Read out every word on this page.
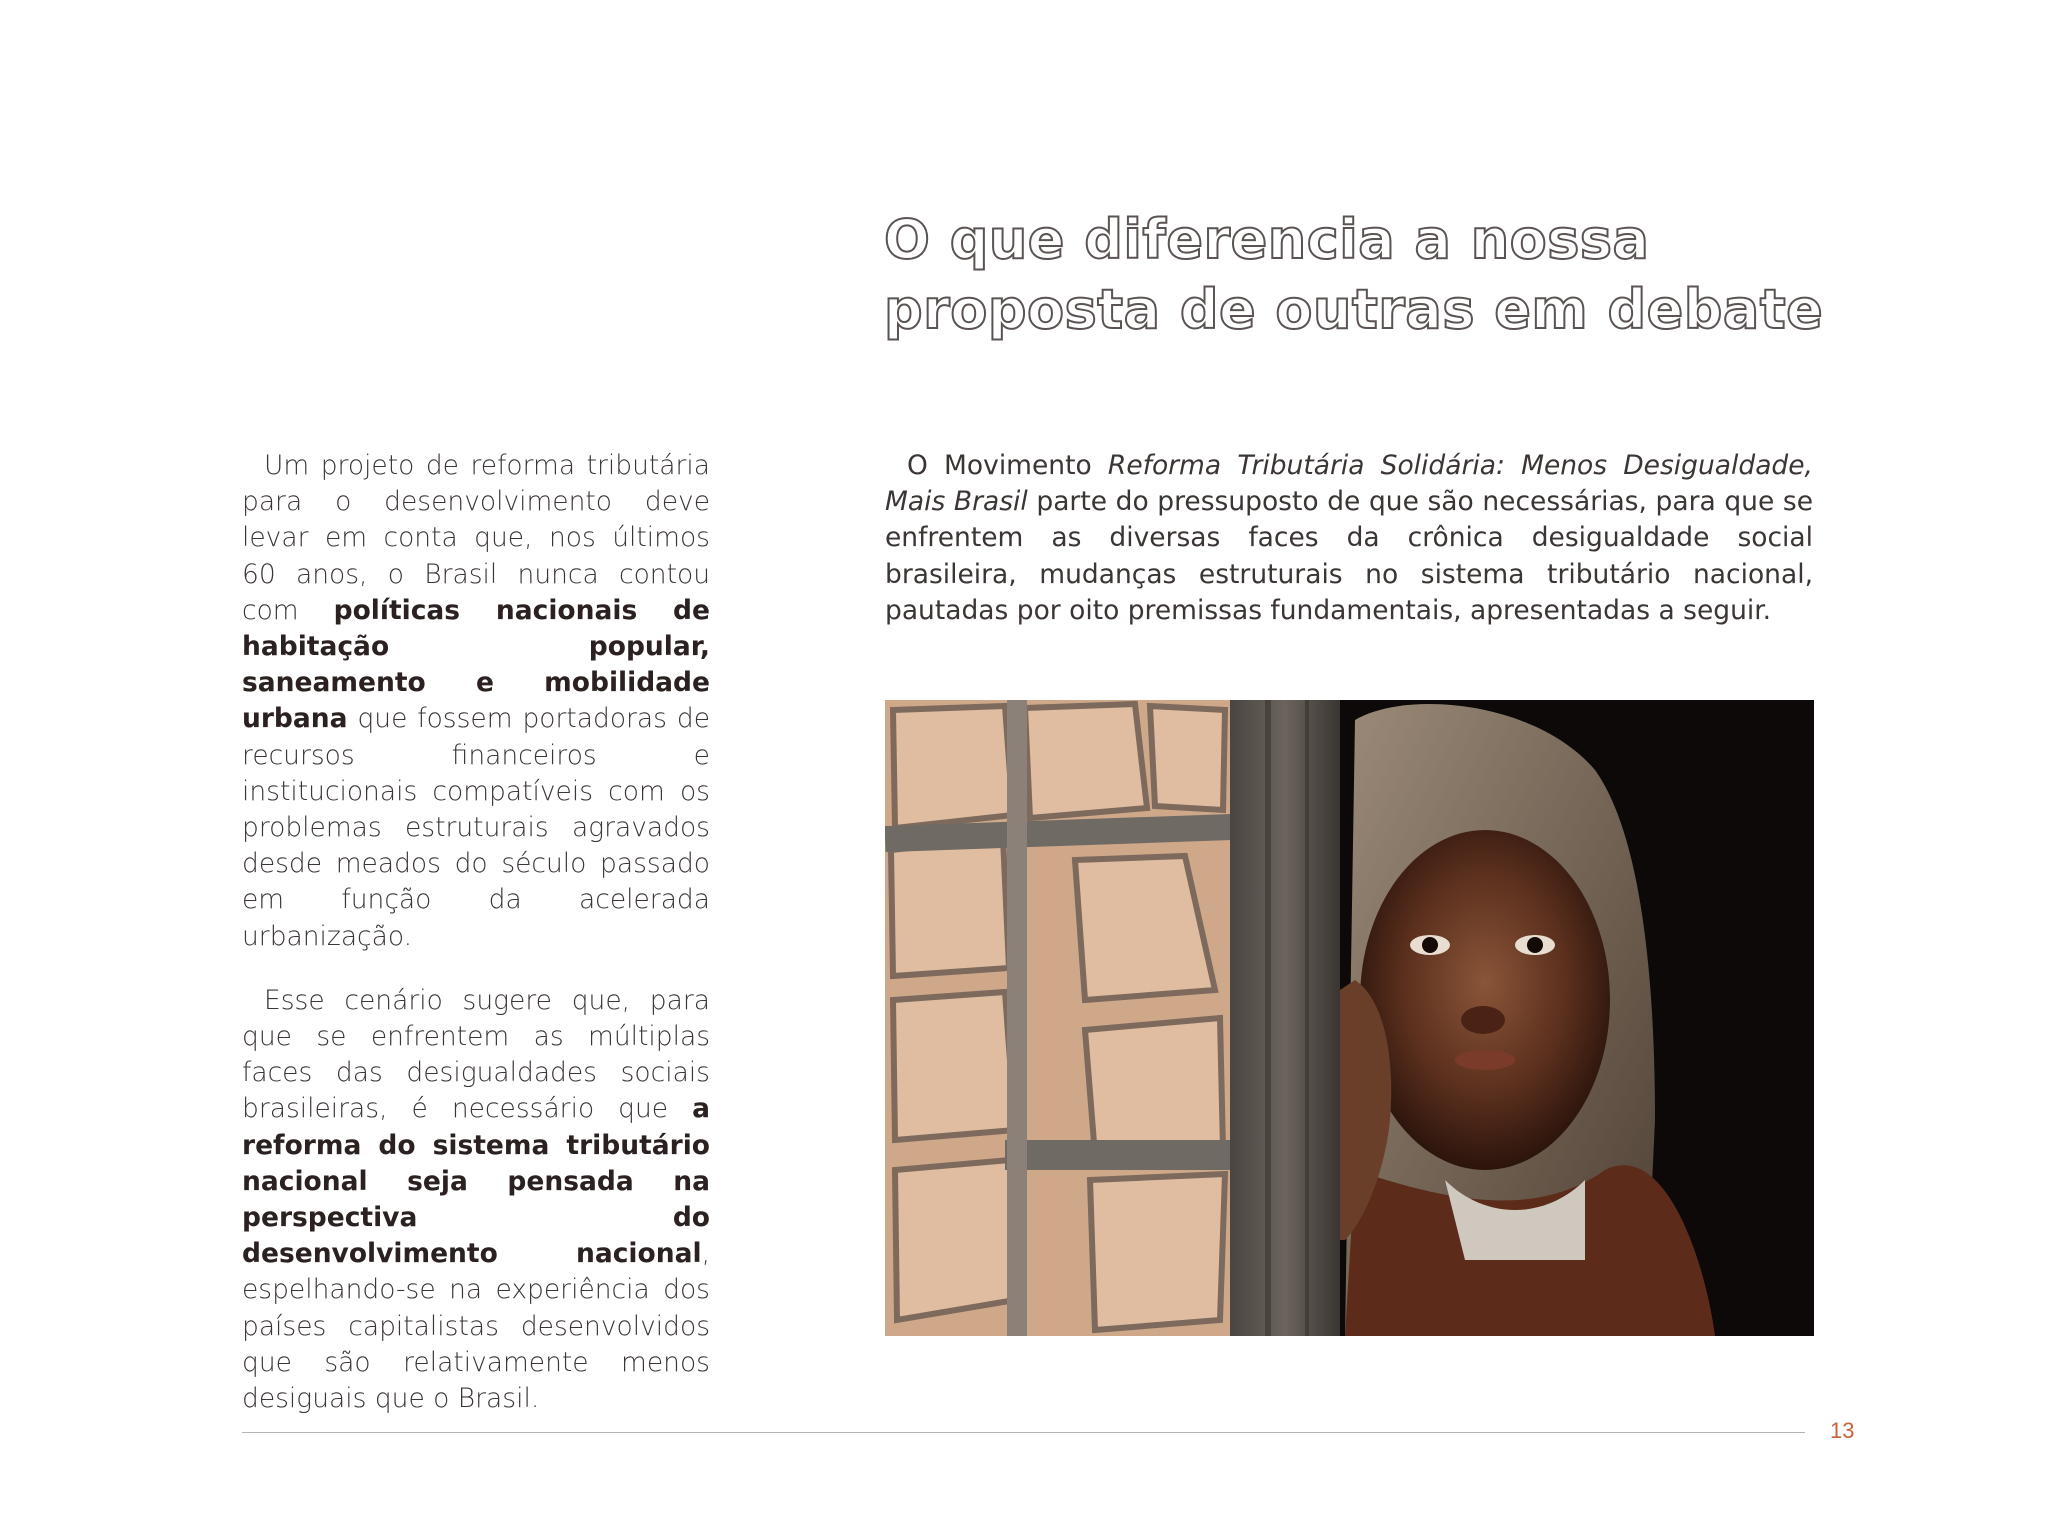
O que diferencia a nossa
proposta de outras em debate

Um projeto de reforma tributária para o desenvolvimento deve levar em conta que, nos últimos 60 anos, o Brasil nunca contou com políticas nacionais de habitação popular, saneamento e mobilidade urbana que fossem portadoras de recursos financeiros e institucionais compatíveis com os problemas estruturais agravados desde meados do século passado em função da acelerada urbanização.

Esse cenário sugere que, para que se enfrentem as múltiplas faces das desigualdades sociais brasileiras, é necessário que a reforma do sistema tributário nacional seja pensada na perspectiva do desenvolvimento nacional, espelhando-se na experiência dos países capitalistas desenvolvidos que são relativamente menos desiguais que o Brasil.

O Movimento Reforma Tributária Solidária: Menos Desigualdade, Mais Brasil parte do pressuposto de que são necessárias, para que se enfrentem as diversas faces da crônica desigualdade social brasileira, mudanças estruturais no sistema tributário nacional, pautadas por oito premissas fundamentais, apresentadas a seguir.

13
